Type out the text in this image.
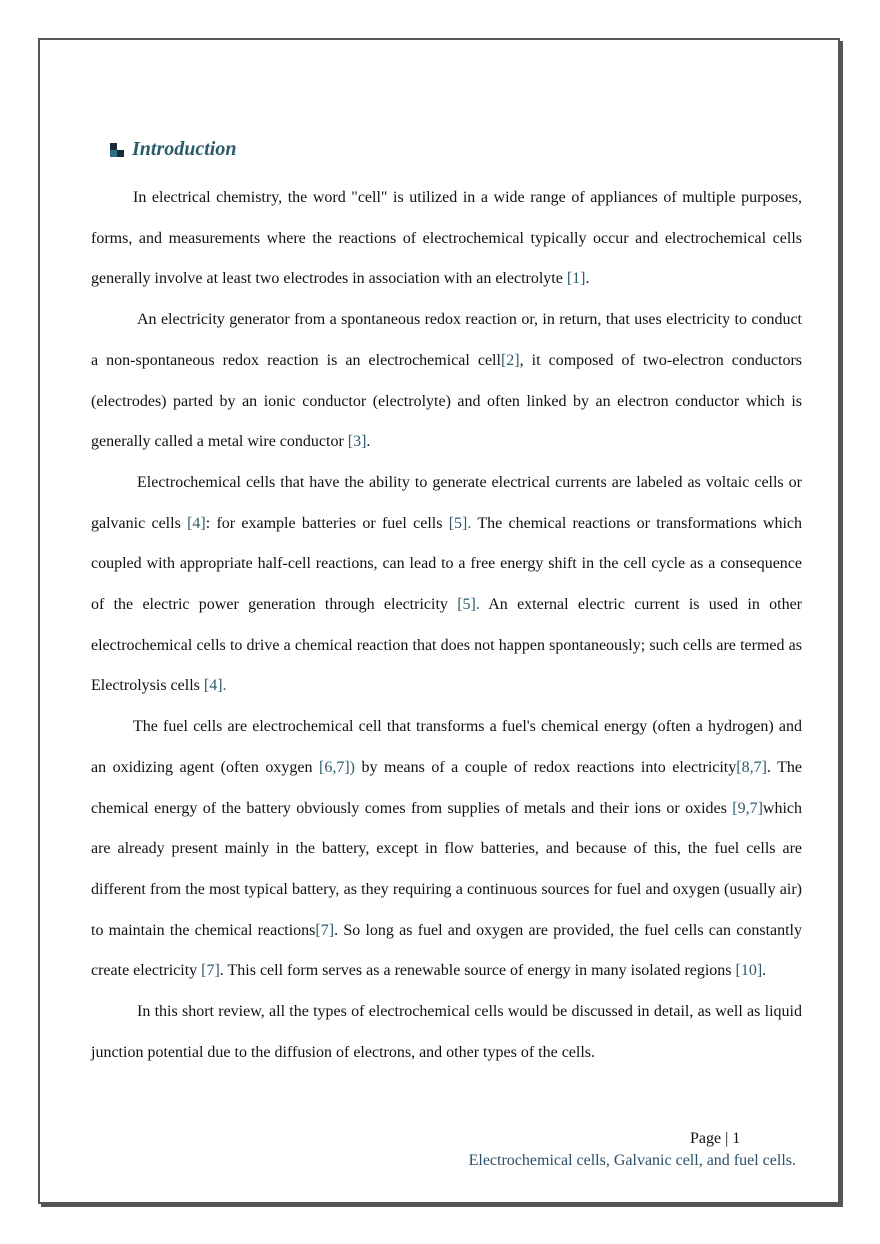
Introduction

In electrical chemistry, the word "cell" is utilized in a wide range of appliances of multiple purposes, forms, and measurements where the reactions of electrochemical typically occur and electrochemical cells generally involve at least two electrodes in association with an electrolyte [1].

An electricity generator from a spontaneous redox reaction or, in return, that uses electricity to conduct a non-spontaneous redox reaction is an electrochemical cell[2], it composed of two-electron conductors (electrodes) parted by an ionic conductor (electrolyte) and often linked by an electron conductor which is generally called a metal wire conductor [3].

Electrochemical cells that have the ability to generate electrical currents are labeled as voltaic cells or galvanic cells [4]: for example batteries or fuel cells [5]. The chemical reactions or transformations which coupled with appropriate half-cell reactions, can lead to a free energy shift in the cell cycle as a consequence of the electric power generation through electricity [5]. An external electric current is used in other electrochemical cells to drive a chemical reaction that does not happen spontaneously; such cells are termed as Electrolysis cells [4].

The fuel cells are electrochemical cell that transforms a fuel's chemical energy (often a hydrogen) and an oxidizing agent (often oxygen [6,7]) by means of a couple of redox reactions into electricity[8,7]. The chemical energy of the battery obviously comes from supplies of metals and their ions or oxides [9,7]which are already present mainly in the battery, except in flow batteries, and because of this, the fuel cells are different from the most typical battery, as they requiring a continuous sources for fuel and oxygen (usually air) to maintain the chemical reactions[7]. So long as fuel and oxygen are provided, the fuel cells can constantly create electricity [7]. This cell form serves as a renewable source of energy in many isolated regions [10].

In this short review, all the types of electrochemical cells would be discussed in detail, as well as liquid junction potential due to the diffusion of electrons, and other types of the cells.

Page | 1
Electrochemical cells, Galvanic cell, and fuel cells.
